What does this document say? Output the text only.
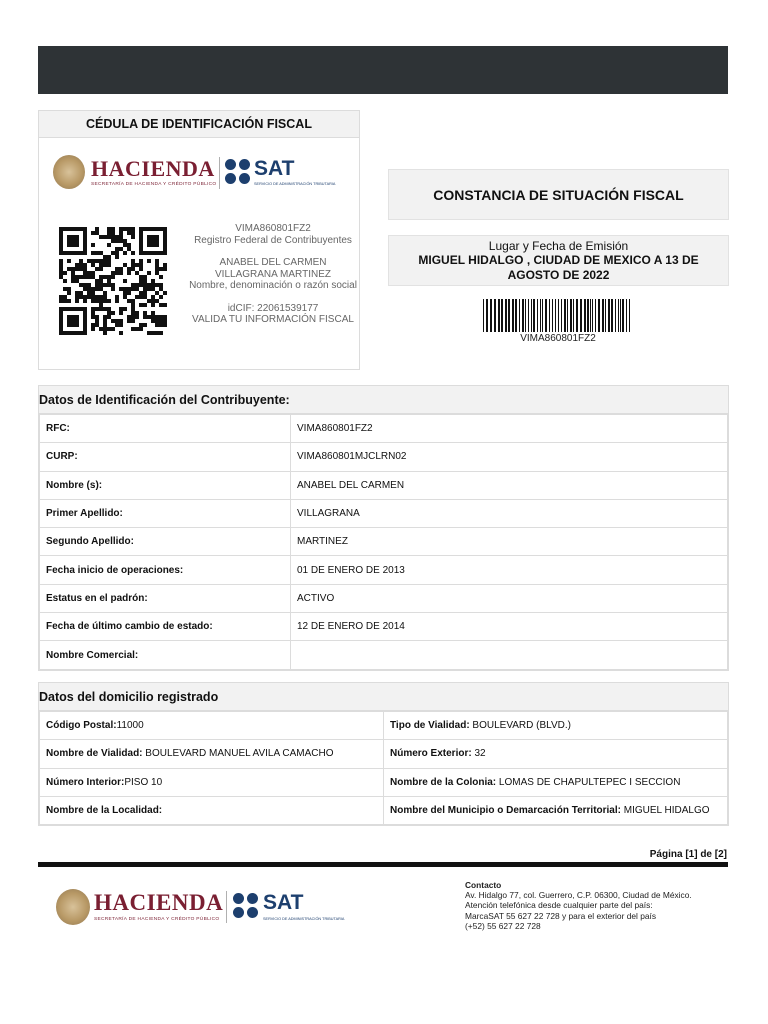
CÉDULA DE IDENTIFICACIÓN FISCAL
HACIENDA
SECRETARÍA DE HACIENDA Y CRÉDITO PÚBLICO
SAT
SERVICIO DE ADMINISTRACIÓN TRIBUTARIA
VIMA860801FZ2
Registro Federal de Contribuyentes
ANABEL DEL CARMEN
VILLAGRANA MARTINEZ
Nombre, denominación o razón social
idCIF: 22061539177
VALIDA TU INFORMACIÓN FISCAL
CONSTANCIA DE SITUACIÓN FISCAL
Lugar y Fecha de Emisión
MIGUEL HIDALGO , CIUDAD DE MEXICO A 13 DE AGOSTO DE 2022
VIMA860801FZ2
Datos de Identificación del Contribuyente:
RFC:	VIMA860801FZ2
CURP:	VIMA860801MJCLRN02
Nombre (s):	ANABEL DEL CARMEN
Primer Apellido:	VILLAGRANA
Segundo Apellido:	MARTINEZ
Fecha inicio de operaciones:	01 DE ENERO DE 2013
Estatus en el padrón:	ACTIVO
Fecha de último cambio de estado:	12 DE ENERO DE 2014
Nombre Comercial:	
Datos del domicilio registrado
Código Postal:11000	Tipo de Vialidad: BOULEVARD (BLVD.)
Nombre de Vialidad: BOULEVARD MANUEL AVILA CAMACHO	Número Exterior: 32
Número Interior:PISO 10	Nombre de la Colonia: LOMAS DE CHAPULTEPEC I SECCION
Nombre de la Localidad:	Nombre del Municipio o Demarcación Territorial: MIGUEL HIDALGO
Página [1] de [2]
HACIENDA
SECRETARÍA DE HACIENDA Y CRÉDITO PÚBLICO
SAT
SERVICIO DE ADMINISTRACIÓN TRIBUTARIA
Contacto
Av. Hidalgo 77, col. Guerrero, C.P. 06300, Ciudad de México.
Atención telefónica desde cualquier parte del país:
MarcaSAT 55 627 22 728 y para el exterior del país
(+52) 55 627 22 728
